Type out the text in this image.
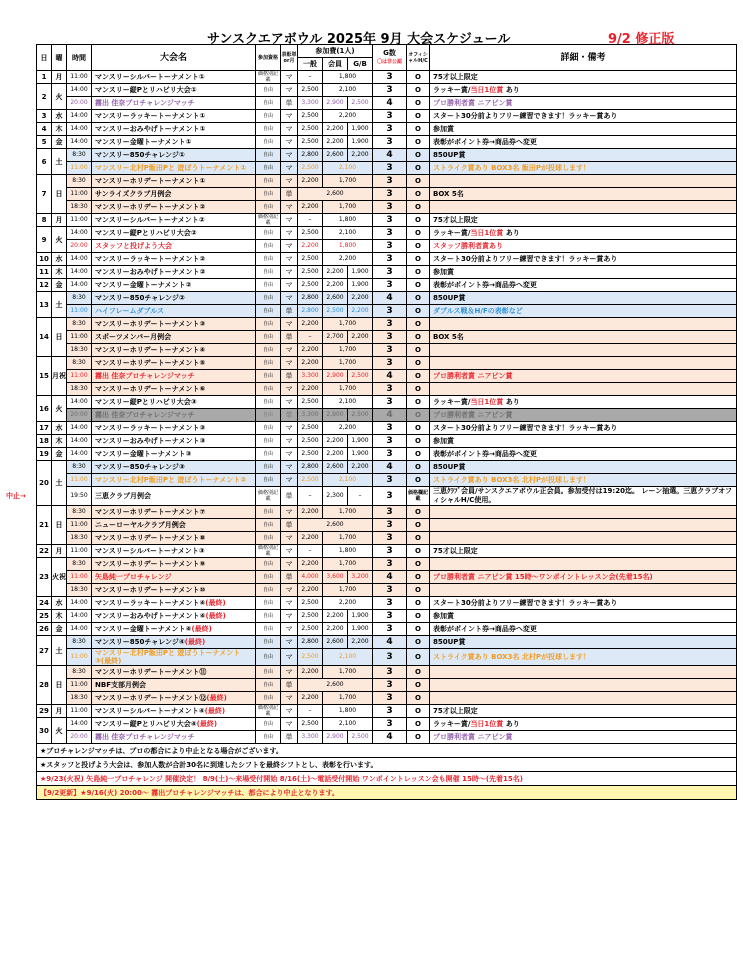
サンスクエアボウル 2025年 9月 大会スケジュール	9/2 修正版
中止→
日	曜	時間	大会名	参加資格	表彰単or月	参加費(1人)			G数
〇は非公認	オフィシャルH/C	詳細・備考
						一般	会員	G/B			
1	月	11:00	マンスリーシルバートーナメント①	価格別記載	マ	–	1,800		3	O	75才以上限定
2	火	14:00	マンスリー縦Pとリハビリ大会①	自由	マ	2,500	2,100		3	O	ラッキー賞/当日1位賞 あり
		20:00	霧出 佳奈プロチャレンジマッチ	自由	単	3,300	2,900	2,500	4	O	プロ勝利者賞 ニアピン賞
3	水	14:00	マンスリーラッキートーナメント①	自由	マ	2,500	2,200		3	O	スタート30分前よりフリー練習できます！ラッキー賞あり
4	木	14:00	マンスリーおみやげトーナメント①	自由	マ	2,500	2,200	1,900	3	O	参加賞
5	金	14:00	マンスリー金曜トーナメント①	自由	マ	2,500	2,200	1,900	3	O	表彰がポイント券→商品券へ変更
6	土	8:30	マンスリー850チャレンジ①	自由	マ	2,800	2,600	2,200	4	O	850UP賞
		11:00	マンスリー北村P飯田Pと 遊ぼうトーナメント①	自由	マ	2,500	2,100		3	O	ストライク賞あり BOX3名 飯田Pが投球します！
7	日	8:30	マンスリーホリデートーナメント①	自由	マ	2,200	1,700		3	O	
		11:00	サンライズクラブ月例会	自由	単	2,600			3	O	BOX 5名
		18:30	マンスリーホリデートーナメント②	自由	マ	2,200	1,700		3	O	
8	月	11:00	マンスリーシルバートーナメント②	価格別記載	マ	–	1,800		3	O	75才以上限定
9	火	14:00	マンスリー縦Pとリハビリ大会②	自由	マ	2,500	2,100		3	O	ラッキー賞/当日1位賞 あり
		20:00	スタッフと投げよう大会	自由	マ	2,200	1,800		3	O	スタッフ勝利者賞あり
10	水	14:00	マンスリーラッキートーナメント②	自由	マ	2,500	2,200		3	O	スタート30分前よりフリー練習できます！ラッキー賞あり
11	木	14:00	マンスリーおみやげトーナメント②	自由	マ	2,500	2,200	1,900	3	O	参加賞
12	金	14:00	マンスリー金曜トーナメント②	自由	マ	2,500	2,200	1,900	3	O	表彰がポイント券→商品券へ変更
13	土	8:30	マンスリー850チャレンジ②	自由	マ	2,800	2,600	2,200	4	O	850UP賞
		11:00	ハイフレームダブルス	自由	単	2,800	2,500	2,200	3	O	ダブルス戦＆H/Fの表彰など
14	日	8:30	マンスリーホリデートーナメント③	自由	マ	2,200	1,700		3	O	
		11:00	スポーツメンバー月例会	自由	単	–	2,700	2,200	3	O	BOX 5名
		18:30	マンスリーホリデートーナメント④	自由	マ	2,200	1,700		3	O	
15	月祝	8:30	マンスリーホリデートーナメント⑤	自由	マ	2,200	1,700		3	O	
		11:00	霧出 佳奈プロチャレンジマッチ	自由	単	3,300	2,900	2,500	4	O	プロ勝利者賞 ニアピン賞
		18:30	マンスリーホリデートーナメント⑥	自由	マ	2,200	1,700		3	O	
16	火	14:00	マンスリー縦Pとリハビリ大会③	自由	マ	2,500	2,100		3	O	ラッキー賞/当日1位賞 あり
		20:00	霧出 佳奈プロチャレンジマッチ	自由	単	3,300	2,900	2,500	4	O	プロ勝利者賞 ニアピン賞
17	水	14:00	マンスリーラッキートーナメント③	自由	マ	2,500	2,200		3	O	スタート30分前よりフリー練習できます！ラッキー賞あり
18	木	14:00	マンスリーおみやげトーナメント③	自由	マ	2,500	2,200	1,900	3	O	参加賞
19	金	14:00	マンスリー金曜トーナメント③	自由	マ	2,500	2,200	1,900	3	O	表彰がポイント券→商品券へ変更
20	土	8:30	マンスリー850チャレンジ③	自由	マ	2,800	2,600	2,200	4	O	850UP賞
		11:00	マンスリー北村P飯田Pと 遊ぼうトーナメント②	自由	マ	2,500	2,100		3	O	ストライク賞あり BOX3名 北村Pが投球します！
		19:50	三恵クラブ月例会	価格別記載	単	–	2,300	–	3	価格欄記載	三恵ｸﾗﾌﾞ会員/サンスクエアボウル正会員。参加受付は19:20迄。 レーン抽選。三恵クラブオフィシャルH/C使用。
21	日	8:30	マンスリーホリデートーナメント⑦	自由	マ	2,200	1,700		3	O	
		11:00	ニューローヤルクラブ月例会	自由	単	2,600			3	O	
		18:30	マンスリーホリデートーナメント⑧	自由	マ	2,200	1,700		3	O	
22	月	11:00	マンスリーシルバートーナメント③	価格別記載	マ	–	1,800		3	O	75才以上限定
23	火祝	8:30	マンスリーホリデートーナメント⑨	自由	マ	2,200	1,700		3	O	
		11:00	矢島純一プロチャレンジ	自由	単	4,000	3,600	3,200	4	O	プロ勝利者賞 ニアピン賞 15時～ワンポイントレッスン会(先着15名)
		18:30	マンスリーホリデートーナメント⑩	自由	マ	2,200	1,700		3	O	
24	水	14:00	マンスリーラッキートーナメント④(最終)	自由	マ	2,500	2,200		3	O	スタート30分前よりフリー練習できます！ラッキー賞あり
25	木	14:00	マンスリーおみやげトーナメント④(最終)	自由	マ	2,500	2,200	1,900	3	O	参加賞
26	金	14:00	マンスリー金曜トーナメント④(最終)	自由	マ	2,500	2,200	1,900	3	O	表彰がポイント券→商品券へ変更
27	土	8:30	マンスリー850チャレンジ④(最終)	自由	マ	2,800	2,600	2,200	4	O	850UP賞
		11:00	マンスリー北村P飯田Pと 遊ぼうトーナメント③(最終)	自由	マ	2,500	2,100		3	O	ストライク賞あり BOX3名 北村Pが投球します！
28	日	8:30	マンスリーホリデートーナメント⑪	自由	マ	2,200	1,700		3	O	
		11:00	NBF支部月例会	自由	単	2,600			3	O	
		18:30	マンスリーホリデートーナメント⑫(最終)	自由	マ	2,200	1,700		3	O	
29	月	11:00	マンスリーシルバートーナメント④(最終)	価格別記載	マ	–	1,800		3	O	75才以上限定
30	火	14:00	マンスリー縦Pとリハビリ大会④(最終)	自由	マ	2,500	2,100		3	O	ラッキー賞/当日1位賞 あり
		20:00	霧出 佳奈プロチャレンジマッチ	自由	単	3,300	2,900	2,500	4	O	プロ勝利者賞 ニアピン賞
★プロチャレンジマッチは、プロの都合により中止となる場合がございます。											
★スタッフと投げよう大会は、参加人数が合計30名に到達したシフトを最終シフトとし、表彰を行います。											
★9/23(火祝) 矢島純一プロチャレンジ 開催決定！ 8/9(土)～来場受付開始 8/16(土)～電話受付開始 ワンポイントレッスン会も開催 15時～(先着15名)											
【9/2更新】★9/16(火) 20:00～ 霧出プロチャレンジマッチは、都合により中止となります。											
